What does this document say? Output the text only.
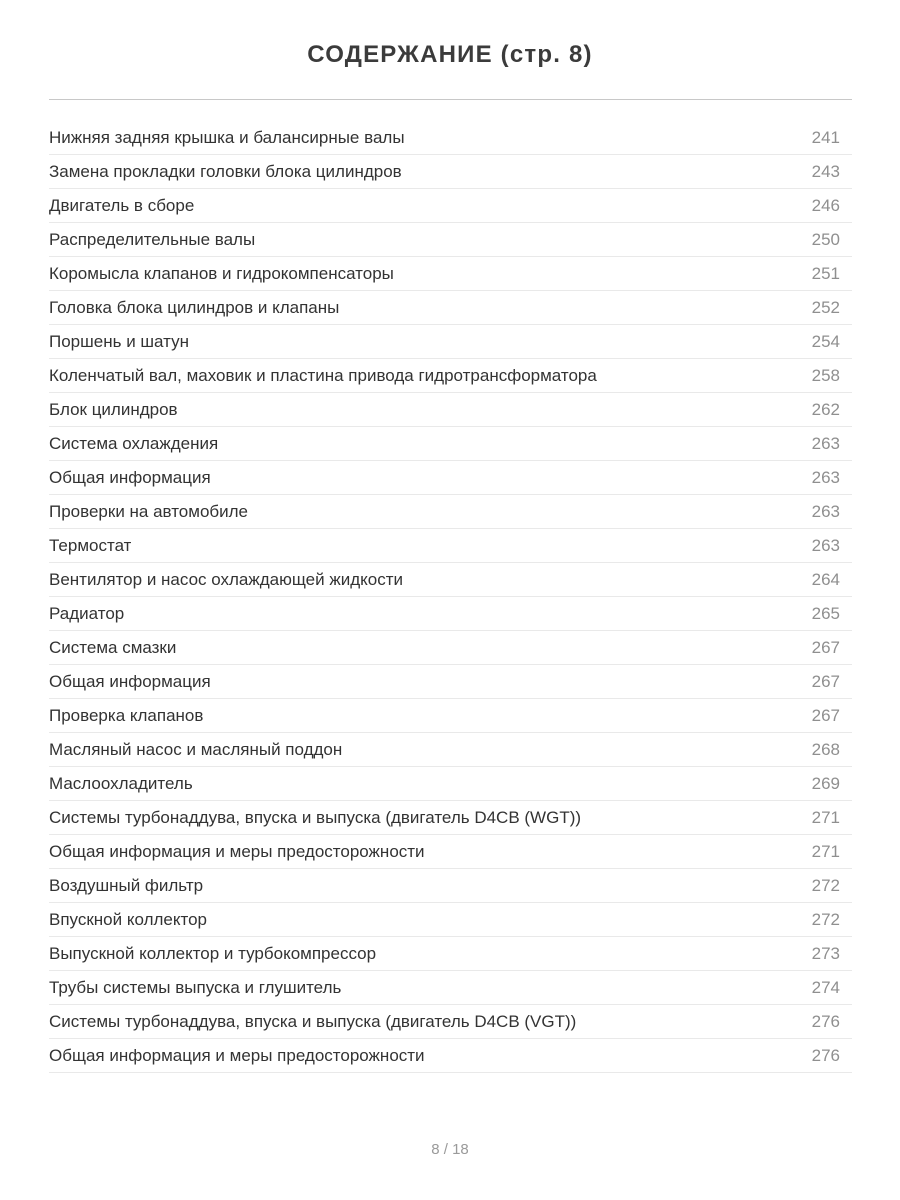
СОДЕРЖАНИЕ (стр. 8)
Нижняя задняя крышка и балансирные валы	241
Замена прокладки головки блока цилиндров	243
Двигатель в сборе	246
Распределительные валы	250
Коромысла клапанов и гидрокомпенсаторы	251
Головка блока цилиндров и клапаны	252
Поршень и шатун	254
Коленчатый вал, маховик и пластина привода гидротрансформатора	258
Блок цилиндров	262
Система охлаждения	263
Общая информация	263
Проверки на автомобиле	263
Термостат	263
Вентилятор и насос охлаждающей жидкости	264
Радиатор	265
Система смазки	267
Общая информация	267
Проверка клапанов	267
Масляный насос и масляный поддон	268
Маслоохладитель	269
Системы турбонаддува, впуска и выпуска (двигатель D4CB (WGT))	271
Общая информация и меры предосторожности	271
Воздушный фильтр	272
Впускной коллектор	272
Выпускной коллектор и турбокомпрессор	273
Трубы системы выпуска и глушитель	274
Системы турбонаддува, впуска и выпуска (двигатель D4CB (VGT))	276
Общая информация и меры предосторожности	276
8 / 18
